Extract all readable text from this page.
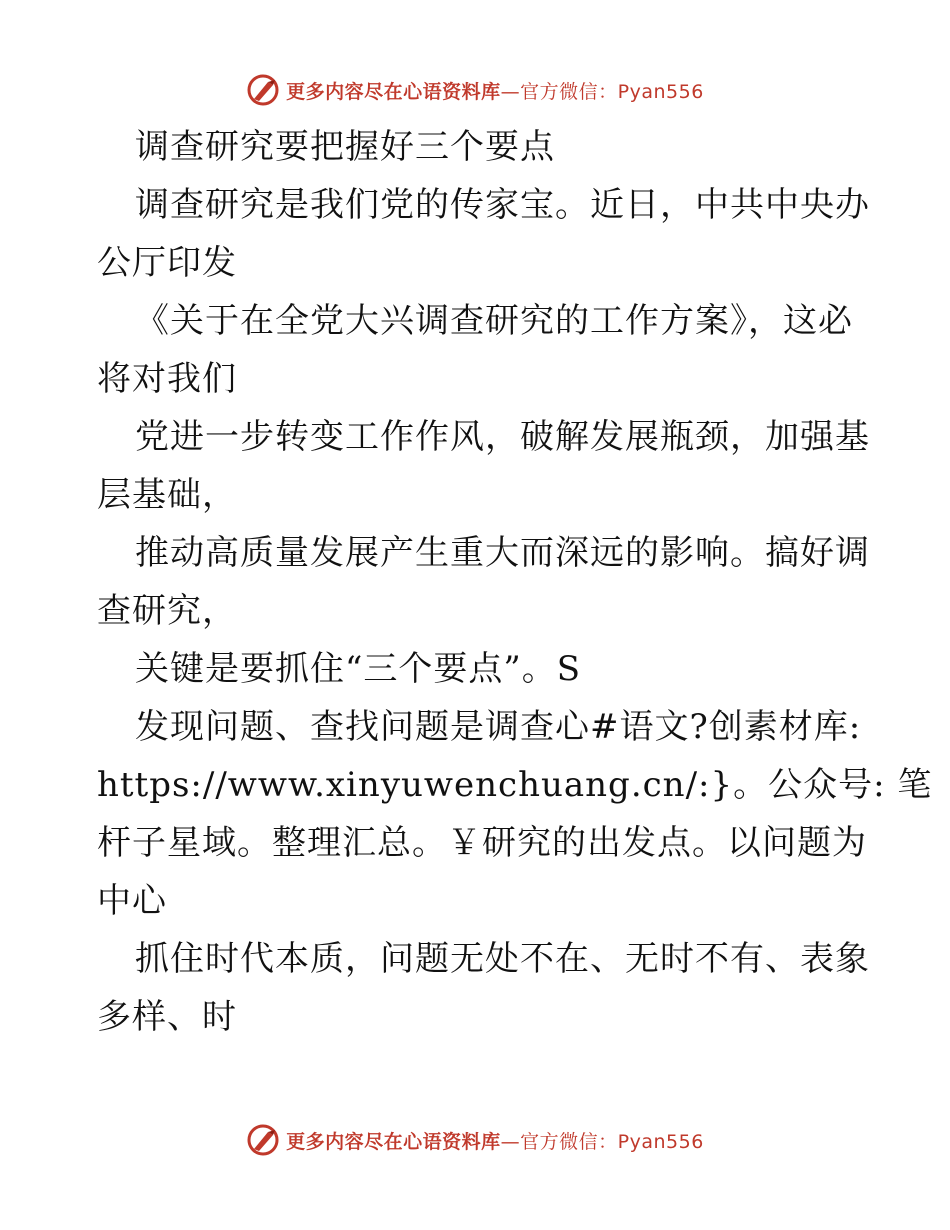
更多内容尽在心语资料库—官方微信：Pyan556
调查研究要把握好三个要点
调查研究是我们党的传家宝。近日，中共中央办
公厅印发
《关于在全党大兴调查研究的工作方案》，这必
将对我们
党进一步转变工作作风，破解发展瓶颈，加强基
层基础，
推动高质量发展产生重大而深远的影响。搞好调
查研究，
关键是要抓住“三个要点”。S
发现问题、查找问题是调查心#语文?创素材库:
https://www.xinyuwenchuang.cn/:}。公众号: 笔
杆子星域。整理汇总。￥研究的出发点。以问题为
中心
抓住时代本质，问题无处不在、无时不有、表象
多样、时
更多内容尽在心语资料库—官方微信：Pyan556
